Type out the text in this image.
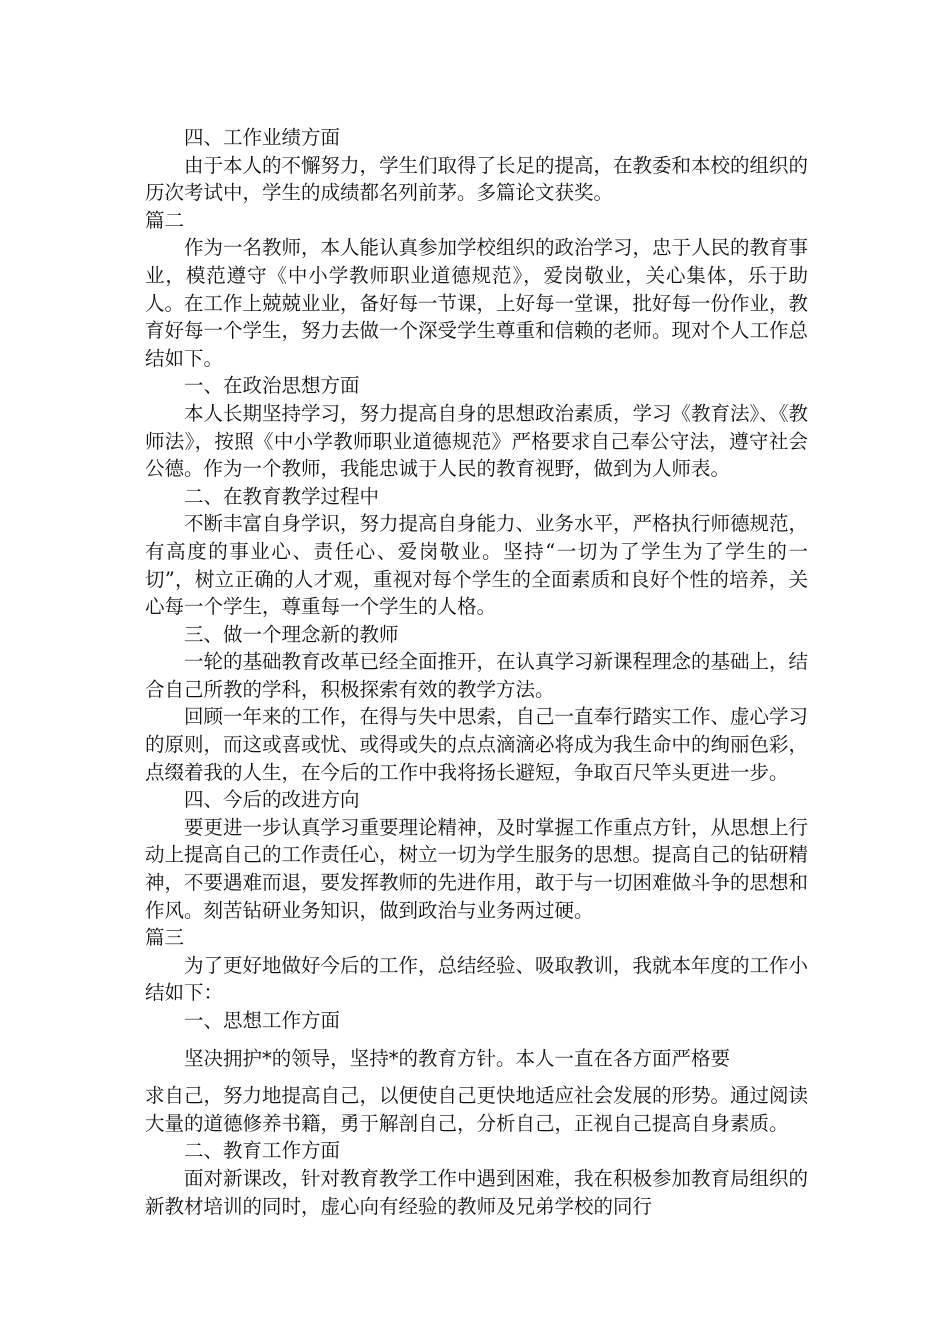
四、工作业绩方面

由于本人的不懈努力，学生们取得了长足的提高，在教委和本校的组织的历次考试中，学生的成绩都名列前茅。多篇论文获奖。

篇二

作为一名教师，本人能认真参加学校组织的政治学习，忠于人民的教育事业，模范遵守《中小学教师职业道德规范》，爱岗敬业，关心集体，乐于助人。在工作上兢兢业业，备好每一节课，上好每一堂课，批好每一份作业，教育好每一个学生，努力去做一个深受学生尊重和信赖的老师。现对个人工作总结如下。

一、在政治思想方面

本人长期坚持学习，努力提高自身的思想政治素质，学习《教育法》、《教师法》，按照《中小学教师职业道德规范》严格要求自己奉公守法，遵守社会公德。作为一个教师，我能忠诚于人民的教育视野，做到为人师表。

二、在教育教学过程中

不断丰富自身学识，努力提高自身能力、业务水平，严格执行师德规范，有高度的事业心、责任心、爱岗敬业。坚持“一切为了学生为了学生的一切”，树立正确的人才观，重视对每个学生的全面素质和良好个性的培养，关心每一个学生，尊重每一个学生的人格。

三、做一个理念新的教师

一轮的基础教育改革已经全面推开，在认真学习新课程理念的基础上，结合自己所教的学科，积极探索有效的教学方法。

回顾一年来的工作，在得与失中思索，自己一直奉行踏实工作、虚心学习的原则，而这或喜或忧、或得或失的点点滴滴必将成为我生命中的绚丽色彩，点缀着我的人生，在今后的工作中我将扬长避短，争取百尺竿头更进一步。

四、今后的改进方向

要更进一步认真学习重要理论精神，及时掌握工作重点方针，从思想上行动上提高自己的工作责任心，树立一切为学生服务的思想。提高自己的钻研精神，不要遇难而退，要发挥教师的先进作用，敢于与一切困难做斗争的思想和作风。刻苦钻研业务知识，做到政治与业务两过硬。

篇三

为了更好地做好今后的工作，总结经验、吸取教训，我就本年度的工作小结如下：

一、思想工作方面

坚决拥护*的领导，坚持*的教育方针。本人一直在各方面严格要

求自己，努力地提高自己，以便使自己更快地适应社会发展的形势。通过阅读大量的道德修养书籍，勇于解剖自己，分析自己，正视自己提高自身素质。

二、教育工作方面

面对新课改，针对教育教学工作中遇到困难，我在积极参加教育局组织的新教材培训的同时，虚心向有经验的教师及兄弟学校的同行
